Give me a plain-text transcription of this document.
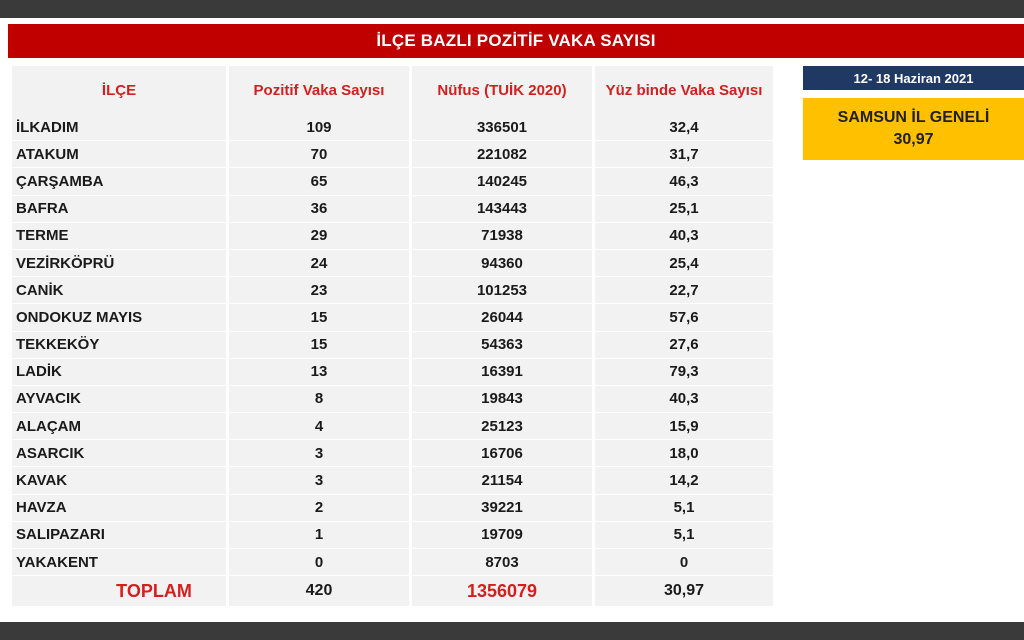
İLÇE BAZLI POZİTİF VAKA SAYISI
İLÇE	Pozitif Vaka Sayısı	Nüfus (TUİK 2020)	Yüz binde Vaka Sayısı
İLKADIM	109	336501	32,4
ATAKUM	70	221082	31,7
ÇARŞAMBA	65	140245	46,3
BAFRA	36	143443	25,1
TERME	29	71938	40,3
VEZİRKÖPRÜ	24	94360	25,4
CANİK	23	101253	22,7
ONDOKUZ MAYIS	15	26044	57,6
TEKKEKÖY	15	54363	27,6
LADİK	13	16391	79,3
AYVACIK	8	19843	40,3
ALAÇAM	4	25123	15,9
ASARCIK	3	16706	18,0
KAVAK	3	21154	14,2
HAVZA	2	39221	5,1
SALIPAZARI	1	19709	5,1
YAKAKENT	0	8703	0
TOPLAM	420	1356079	30,97
12- 18 Haziran 2021
SAMSUN İL GENELİ
30,97
